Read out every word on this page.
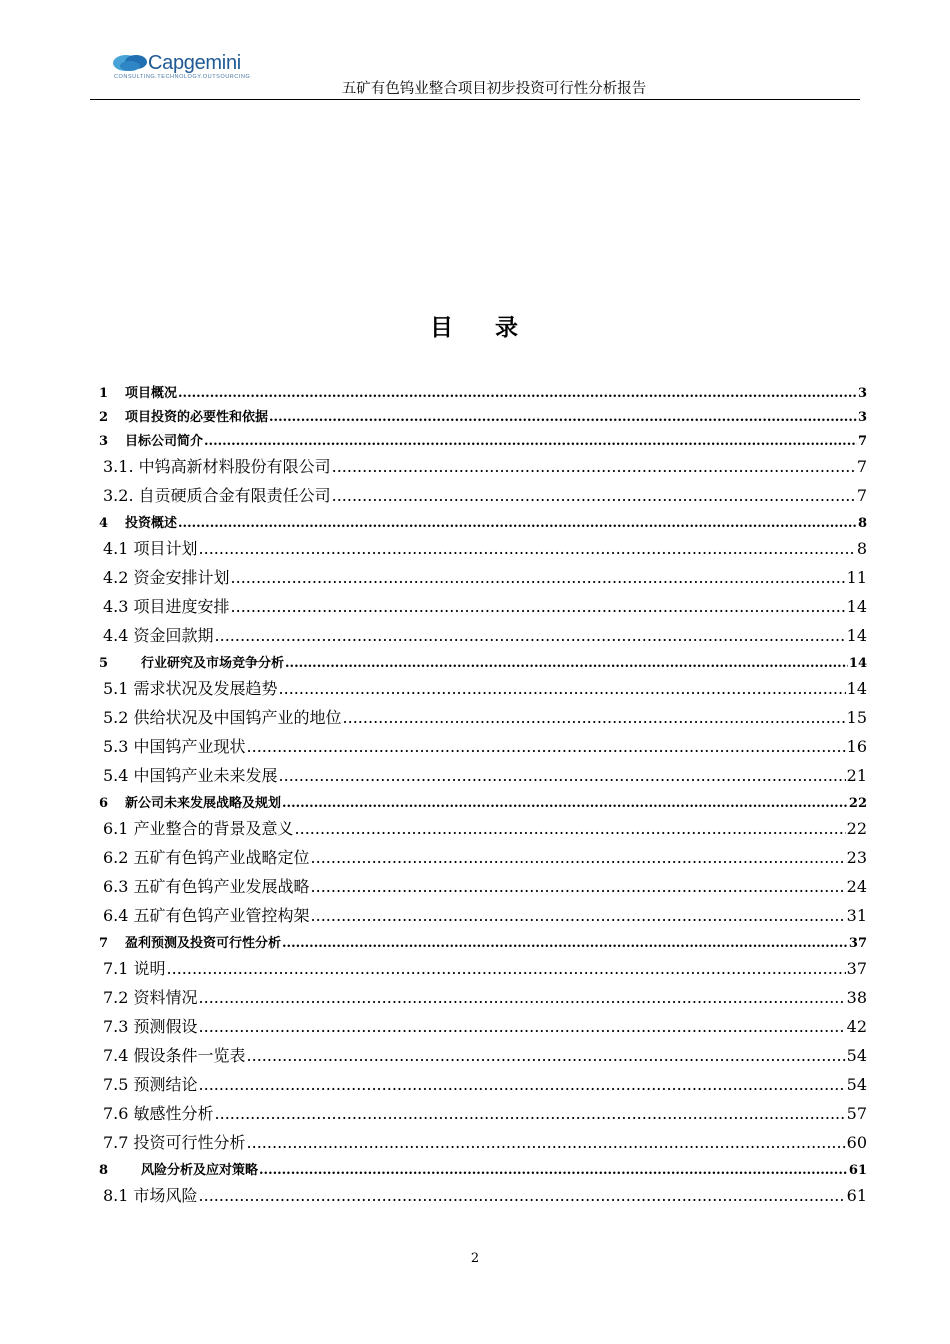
Capgemini
CONSULTING.TECHNOLOGY.OUTSOURCING
五矿有色钨业整合项目初步投资可行性分析报告
目 录
1	项目概况 .....	3
2	项目投资的必要性和依据 .....	3
3	目标公司简介 .....	7
3.1. 中钨高新材料股份有限公司 .....	7
3.2. 自贡硬质合金有限责任公司 .....	7
4	投资概述 .....	8
4.1 项目计划 .....	8
4.2 资金安排计划 .....	11
4.3 项目进度安排 .....	14
4.4 资金回款期 .....	14
5	行业研究及市场竞争分析 .....	14
5.1 需求状况及发展趋势 .....	14
5.2 供给状况及中国钨产业的地位 .....	15
5.3 中国钨产业现状 .....	16
5.4 中国钨产业未来发展 .....	21
6	新公司未来发展战略及规划 .....	22
6.1 产业整合的背景及意义 .....	22
6.2 五矿有色钨产业战略定位 .....	23
6.3 五矿有色钨产业发展战略 .....	24
6.4 五矿有色钨产业管控构架 .....	31
7	盈利预测及投资可行性分析 .....	37
7.1 说明 .....	37
7.2 资料情况 .....	38
7.3 预测假设 .....	42
7.4 假设条件一览表 .....	54
7.5 预测结论 .....	54
7.6 敏感性分析 .....	57
7.7 投资可行性分析 .....	60
8	风险分析及应对策略 .....	61
8.1 市场风险 .....	61
2
